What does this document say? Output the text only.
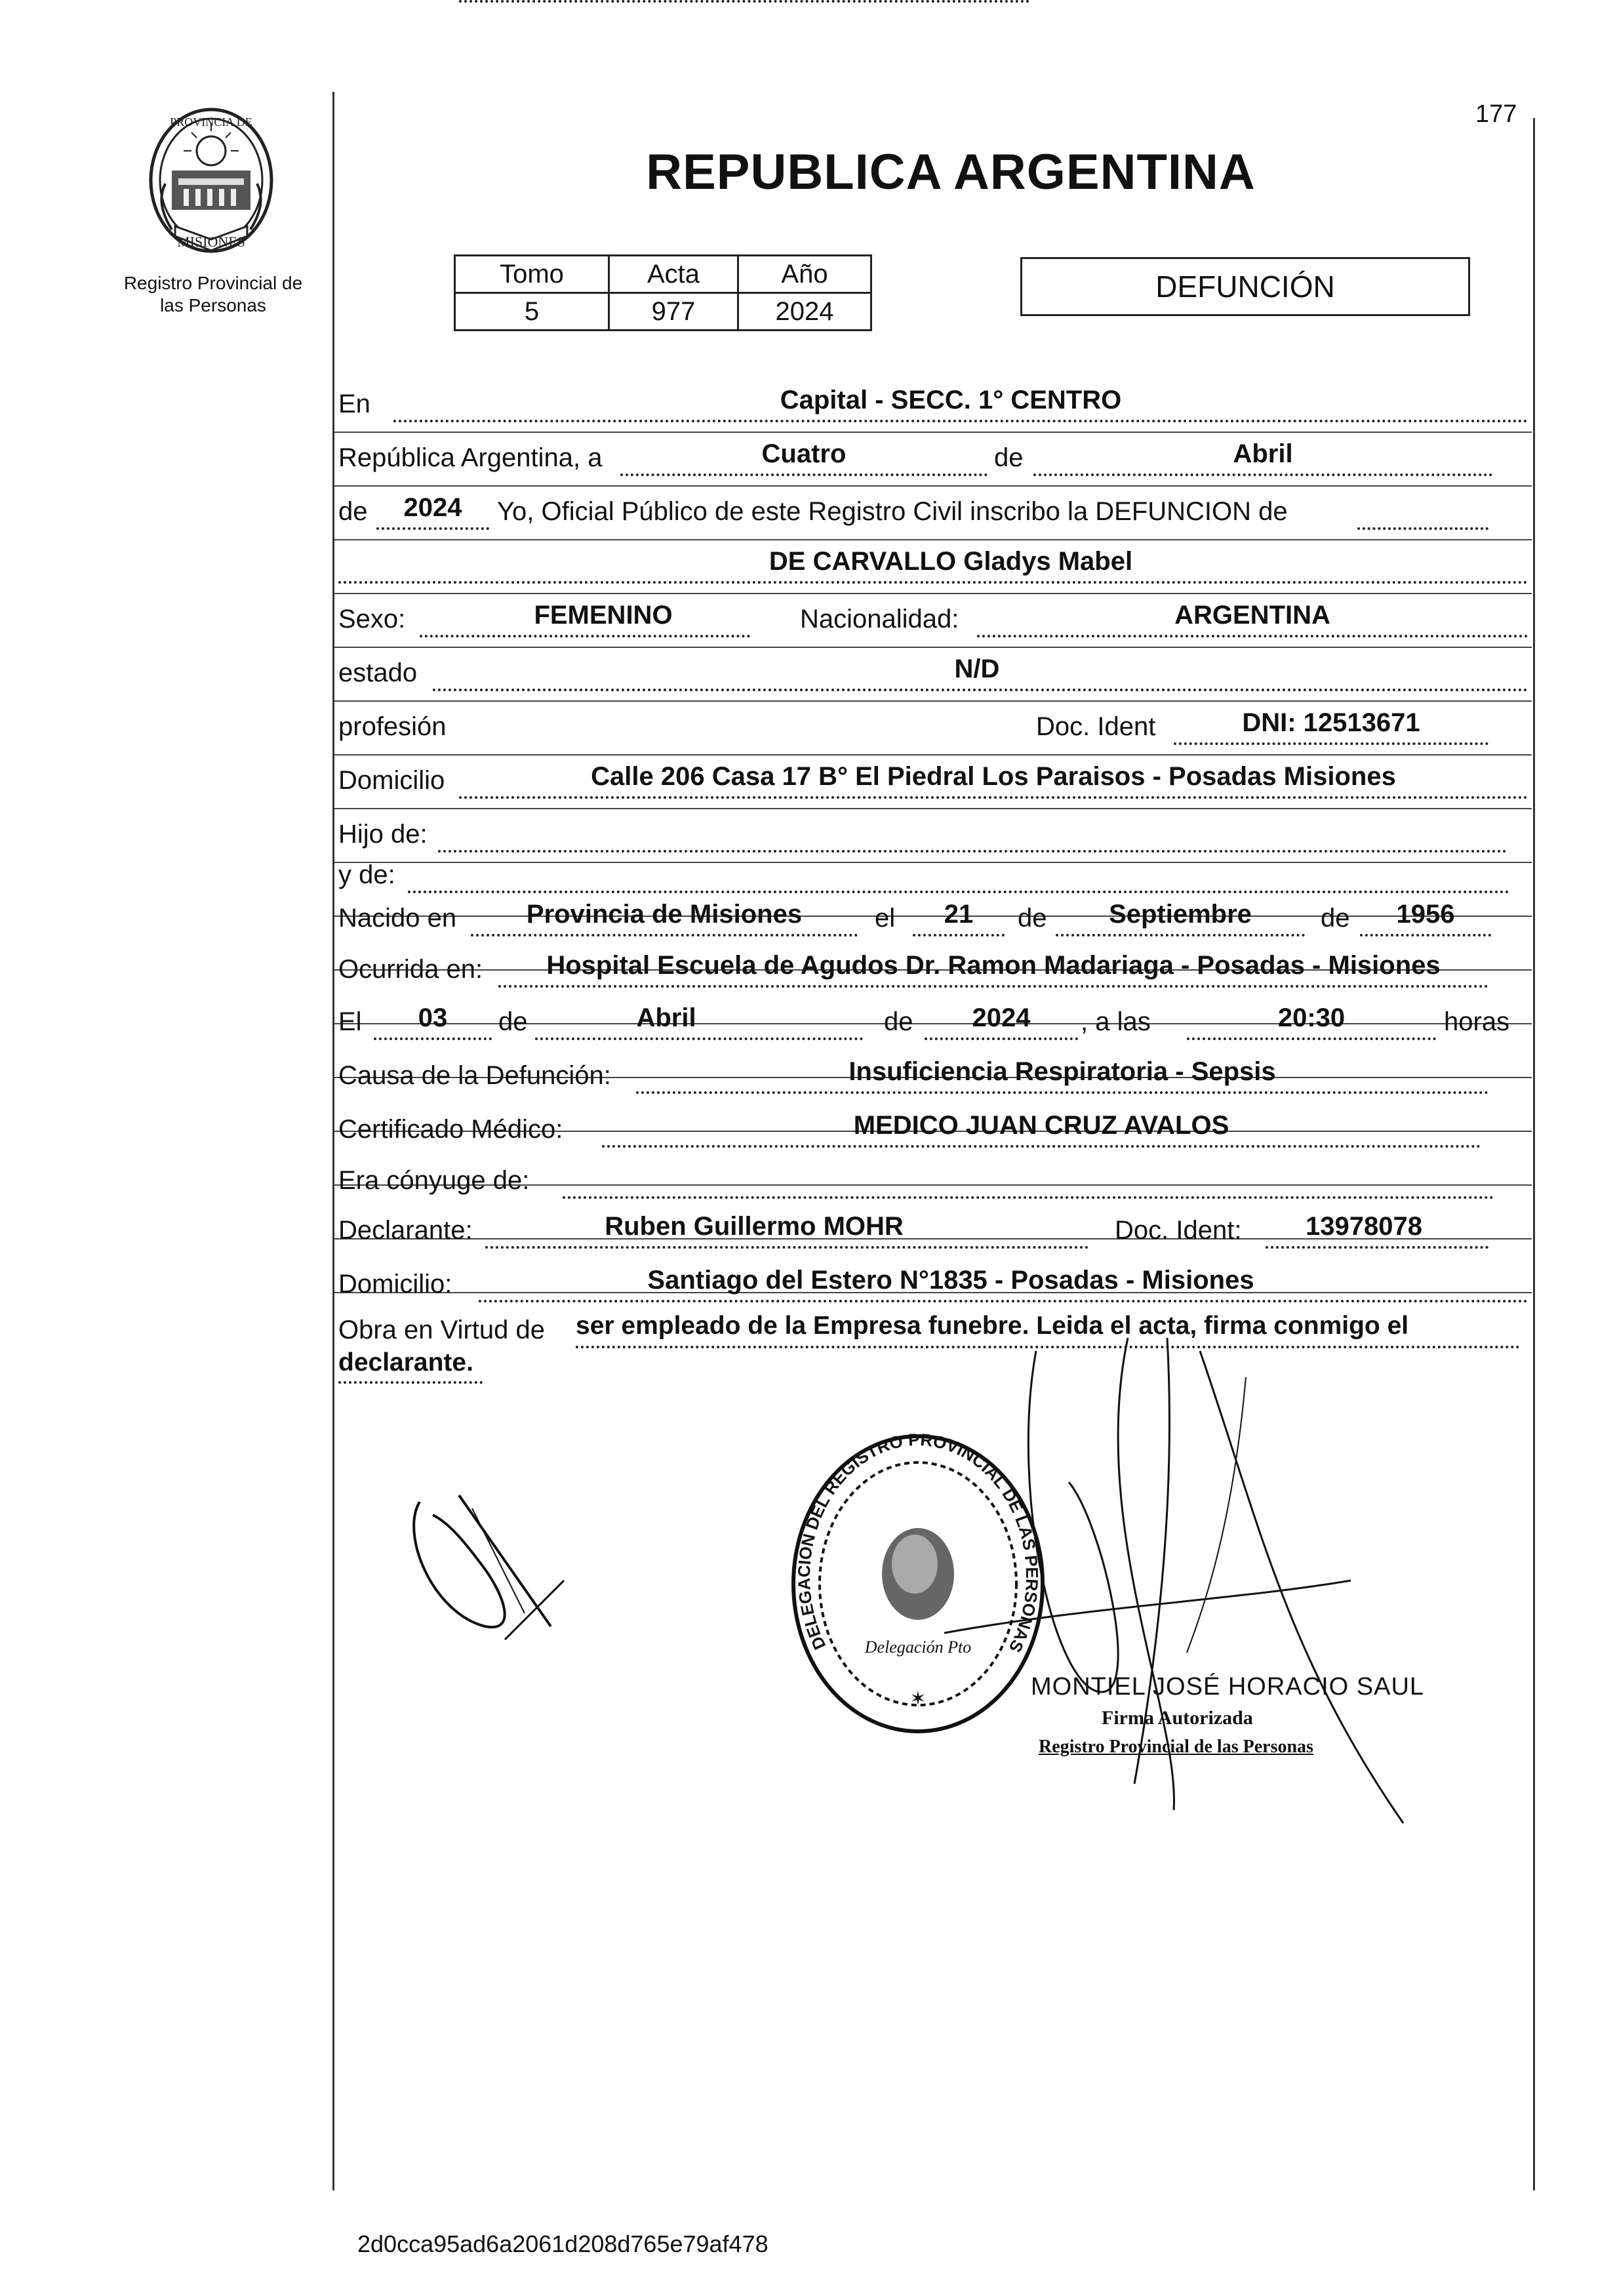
PROVINCIA DE
MISIONES
Registro Provincial de
las Personas
177
REPUBLICA ARGENTINA
Tomo	Acta	Año
5	977	2024
DEFUNCIÓN
En	Capital - SECC. 1° CENTRO
República Argentina, a	Cuatro	de	Abril
de	2024	Yo, Oficial Público de este Registro Civil inscribo la DEFUNCION de
DE CARVALLO Gladys Mabel
Sexo:	FEMENINO	Nacionalidad:	ARGENTINA
estado	N/D
profesión	Doc. Ident	DNI: 12513671
Domicilio	Calle 206 Casa 17 B° El Piedral Los Paraisos - Posadas Misiones
Hijo de:
y de:
Nacido en	Provincia de Misiones	el	21	de	Septiembre	de	1956
Ocurrida en:	Hospital Escuela de Agudos Dr. Ramon Madariaga - Posadas - Misiones
El	03	de	Abril	de	2024	, a las	20:30	horas
Causa de la Defunción:	Insuficiencia Respiratoria - Sepsis
Certificado Médico:	MEDICO JUAN CRUZ AVALOS
Era cónyuge de:
Declarante:	Ruben Guillermo MOHR	Doc. Ident:	13978078
Domicilio:	Santiago del Estero N°1835 - Posadas - Misiones
Obra en Virtud de ser empleado de la Empresa funebre. Leida el acta, firma conmigo el
declarante.
DELEGACION DEL REGISTRO PROVINCIAL DE LAS PERSONAS
Delegación Pto
✶	MONTIEL JOSÉ HORACIO SAUL
Firma Autorizada
Registro Provincial de las Personas
2d0cca95ad6a2061d208d765e79af478
